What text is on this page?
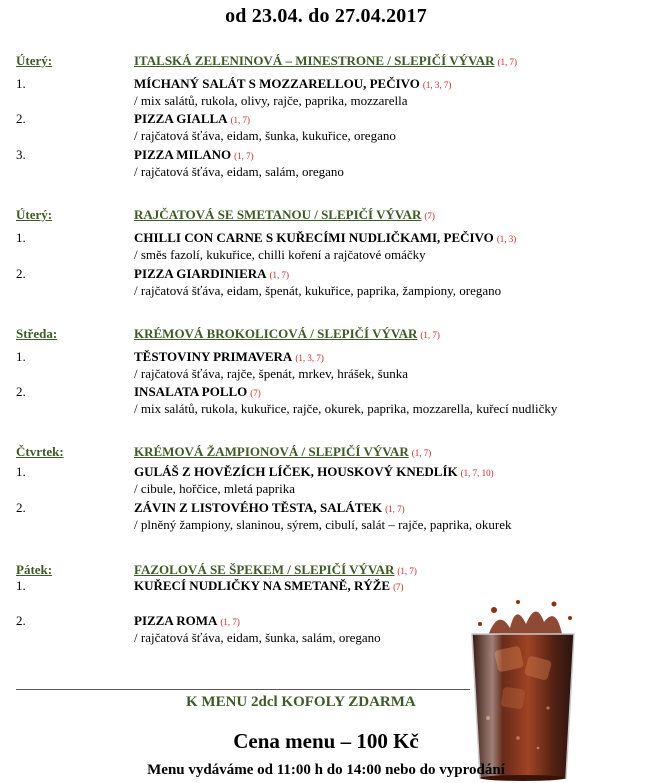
od 23.04. do 27.04.2017
Úterý:	ITALSKÁ ZELENINOVÁ – MINESTRONE / SLEPIČÍ VÝVAR (1, 7)
1.	MÍCHANÝ SALÁT S MOZZARELLOU, PEČIVO (1, 3, 7)
/ mix salátů, rukola, olivy, rajče, paprika, mozzarella
2.	PIZZA GIALLA (1, 7)
/ rajčatová šťáva, eidam, šunka, kukuřice, oregano
3.	PIZZA MILANO (1, 7)
/ rajčatová šťáva, eidam, salám, oregano
Úterý:	RAJČATOVÁ SE SMETANOU / SLEPIČÍ VÝVAR (7)
1.	CHILLI CON CARNE S KUŘECÍMI NUDLIČKAMI, PEČIVO (1, 3)
/ směs fazolí, kukuřice, chilli koření a rajčatové omáčky
2.	PIZZA GIARDINIERA (1, 7)
/ rajčatová šťáva, eidam, špenát, kukuřice, paprika, žampiony, oregano
Středa:	KRÉMOVÁ BROKOLICOVÁ / SLEPIČÍ VÝVAR (1, 7)
1.	TĚSTOVINY PRIMAVERA (1, 3, 7)
/ rajčatová šťáva, rajče, špenát, mrkev, hrášek, šunka
2.	INSALATA POLLO (7)
/ mix salátů, rukola, kukuřice, rajče, okurek, paprika, mozzarella, kuřecí nudličky
Čtvrtek:	KRÉMOVÁ ŽAMPIONOVÁ / SLEPIČÍ VÝVAR (1, 7)
1.	GULÁŠ Z HOVĚZÍCH LÍČEK, HOUSKOVÝ KNEDLÍK (1, 7, 10)
/ cibule, hořčice, mletá paprika
2.	ZÁVIN Z LISTOVÉHO TĚSTA, SALÁTEK (1, 7)
/ plněný žampiony, slaninou, sýrem, cibulí, salát – rajče, paprika, okurek
Pátek:	FAZOLOVÁ SE ŠPEKEM / SLEPIČÍ VÝVAR (1, 7)
1.	KUŘECÍ NUDLIČKY NA SMETANĚ, RÝŽE (7)
2.	PIZZA ROMA (1, 7)
/ rajčatová šťáva, eidam, šunka, salám, oregano
K MENU 2dcl KOFOLY ZDARMA
Cena menu – 100 Kč
Menu vydáváme od 11:00 h do 14:00 nebo do vyprodání
